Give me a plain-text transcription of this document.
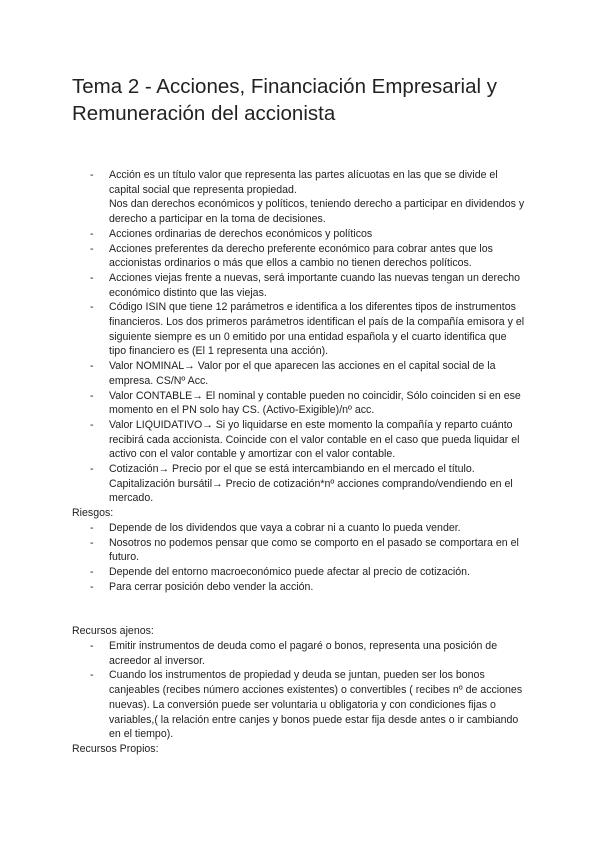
Tema 2 - Acciones, Financiación Empresarial y Remuneración del accionista
- Acción es un título valor que representa las partes alícuotas en las que se divide el capital social que representa propiedad.
Nos dan derechos económicos y políticos, teniendo derecho a participar en dividendos y derecho a participar en la toma de decisiones.
- Acciones ordinarias de derechos económicos y políticos
- Acciones preferentes da derecho preferente económico para cobrar antes que los accionistas ordinarios o más que ellos a cambio no tienen derechos políticos.
- Acciones viejas frente a nuevas, será importante cuando las nuevas tengan un derecho económico distinto que las viejas.
- Código ISIN que tiene 12 parámetros e identifica a los diferentes tipos de instrumentos financieros. Los dos primeros parámetros identifican el país de la compañía emisora y el siguiente siempre es un 0 emitido por una entidad española y el cuarto identifica que tipo financiero es (El 1 representa una acción).
- Valor NOMINAL→ Valor por el que aparecen las acciones en el capital social de la empresa. CS/Nº Acc.
- Valor CONTABLE→ El nominal y contable pueden no coincidir, Sólo coinciden si en ese momento en el PN solo hay CS. (Activo-Exigible)/nº acc.
- Valor LIQUIDATIVO→ Si yo liquidarse en este momento la compañía y reparto cuánto recibirá cada accionista. Coincide con el valor contable en el caso que pueda liquidar el activo con el valor contable y amortizar con el valor contable.
- Cotización→ Precio por el que se está intercambiando en el mercado el título.
Capitalización bursátil→ Precio de cotización*nº acciones comprando/vendiendo en el mercado.
Riesgos:
- Depende de los dividendos que vaya a cobrar ni a cuanto lo pueda vender.
- Nosotros no podemos pensar que como se comporto en el pasado se comportara en el futuro.
- Depende del entorno macroeconómico puede afectar al precio de cotización.
- Para cerrar posición debo vender la acción.
Recursos ajenos:
- Emitir instrumentos de deuda como el pagaré o bonos, representa una posición de acreedor al inversor.
- Cuando los instrumentos de propiedad y deuda se juntan, pueden ser los bonos canjeables (recibes número acciones existentes) o convertibles ( recibes nº de acciones nuevas). La conversión puede ser voluntaria u obligatoria y con condiciones fijas o variables,( la relación entre canjes y bonos puede estar fija desde antes o ir cambiando en el tiempo).
Recursos Propios:
